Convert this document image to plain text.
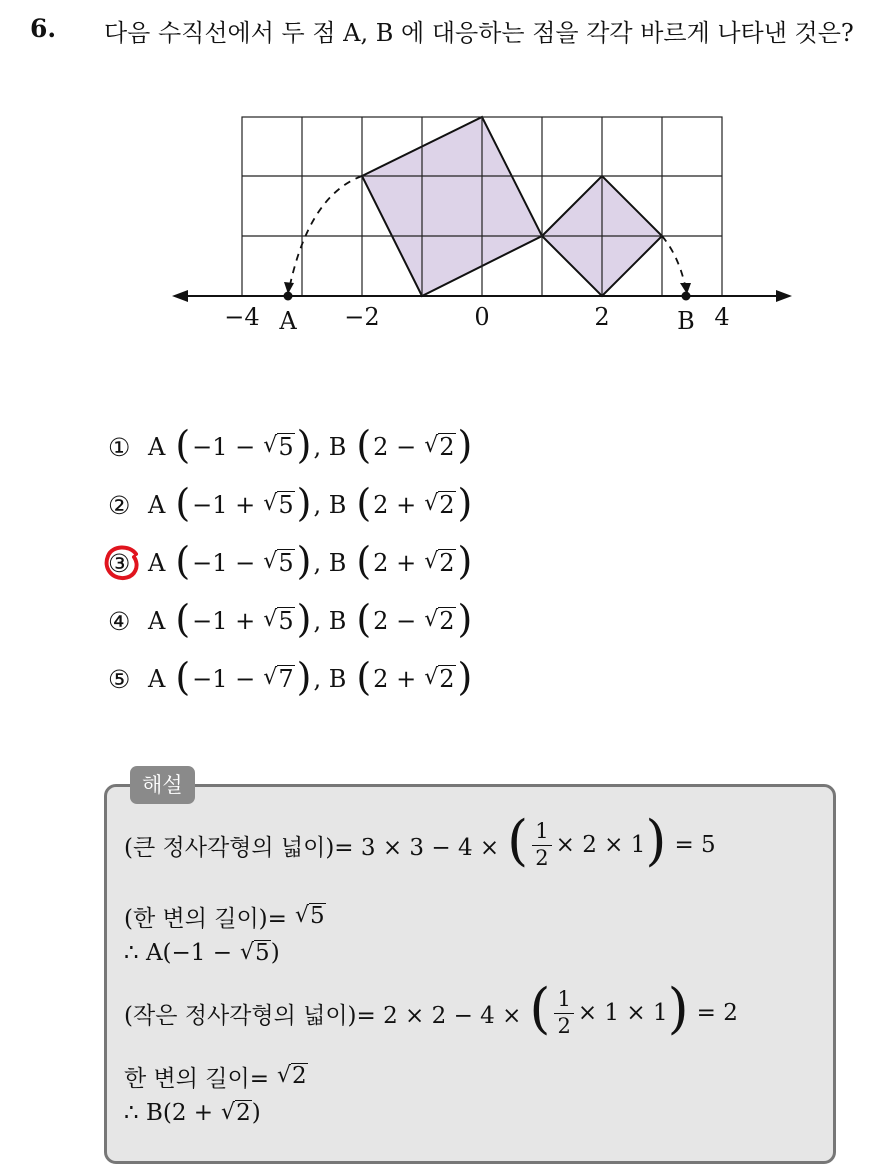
6. 다음 수직선에서 두 점 A, B 에 대응하는 점을 각각 바르게 나타낸 것은?
−4 A −2	0	2	B 4
① A ( −1 − √ 5 ) , B ( 2 − √ 2 )
② A ( −1 + √ 5 ) , B ( 2 + √ 2 )
③ A ( −1 − √ 5 ) , B ( 2 + √ 2 )
④ A ( −1 + √ 5 ) , B ( 2 − √ 2 )
⑤ A ( −1 − √ 7 ) , B ( 2 + √ 2 )
해설
(큰 정사각형의 넓이)= 3 × 3 − 4 × ( $\frac{1}{2} \times 2 \times 1$ ) = 5
(한 변의 길이)= √ 5
∴ A(−1 − √ 5 )
(작은 정사각형의 넓이)= 2 × 2 − 4 × ( $\frac{1}{2} \times 1 \times 1$ ) = 2
한 변의 길이= √ 2
∴ B(2 + √ 2 )
